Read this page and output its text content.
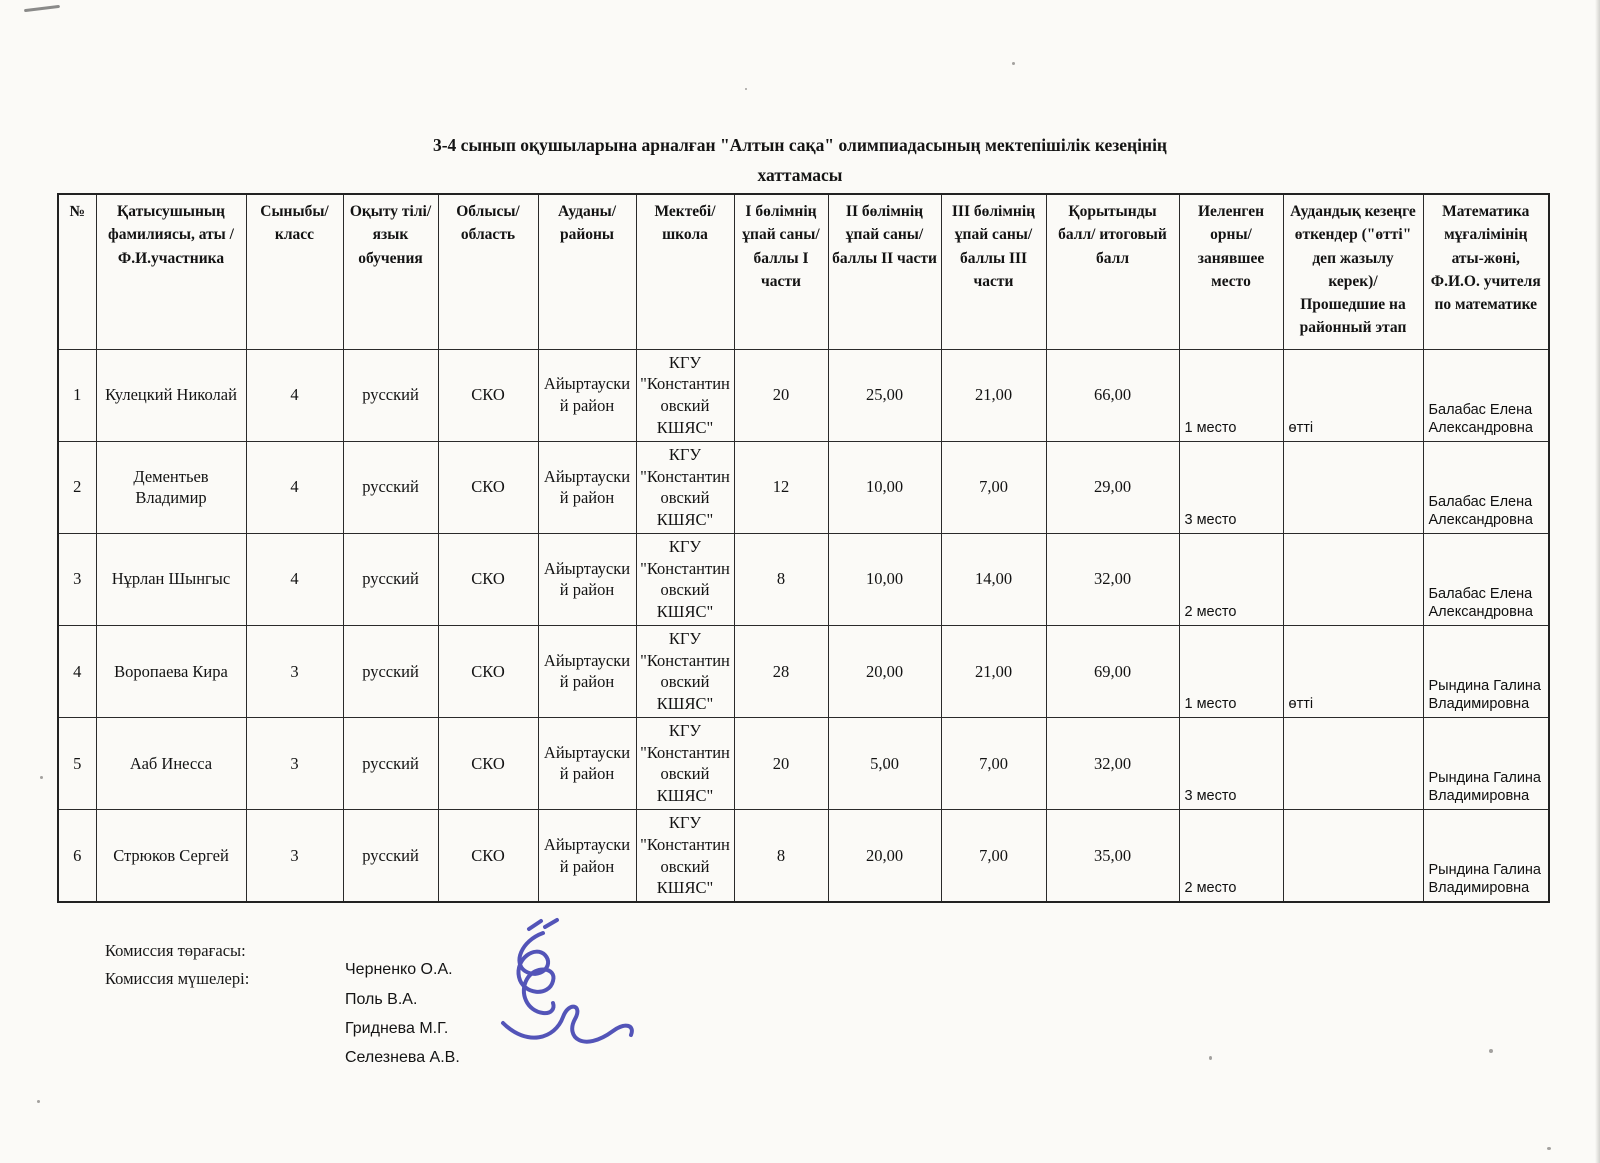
3-4 сынып оқушыларына арналған "Алтын сақа" олимпиадасының мектепішілік кезеңінің
хаттамасы
№	Қатысушының фамилиясы, аты /Ф.И.участника	Сыныбы/класс	Оқыту тілі/ язык обучения	Облысы/ область	Ауданы/ районы	Мектебі/ школа	I бөлімнің ұпай саны/ баллы I части	II бөлімнің ұпай саны/ баллы II части	III бөлімнің ұпай саны/ баллы III части	Қорытынды балл/ итоговый балл	Иеленген орны/ занявшее место	Аудандық кезеңге өткендер ("өтті" деп жазылу керек)/ Прошедшие на районный этап	Математика мұғалімінің аты-жөні, Ф.И.О. учителя по математике
1	Кулецкий Николай	4	русский	СКО	Айыртауский район	КГУ "Константиновский КШЯС"	20	25,00	21,00	66,00	1 место	өтті	Балабас Елена Александровна
2	Дементьев Владимир	4	русский	СКО	Айыртауский район	КГУ "Константиновский КШЯС"	12	10,00	7,00	29,00	3 место		Балабас Елена Александровна
3	Нұрлан Шынгыс	4	русский	СКО	Айыртауский район	КГУ "Константиновский КШЯС"	8	10,00	14,00	32,00	2 место		Балабас Елена Александровна
4	Воропаева Кира	3	русский	СКО	Айыртауский район	КГУ "Константиновский КШЯС"	28	20,00	21,00	69,00	1 место	өтті	Рындина Галина Владимировна
5	Ааб Инесса	3	русский	СКО	Айыртауский район	КГУ "Константиновский КШЯС"	20	5,00	7,00	32,00	3 место		Рындина Галина Владимировна
6	Стрюков Сергей	3	русский	СКО	Айыртауский район	КГУ "Константиновский КШЯС"	8	20,00	7,00	35,00	2 место		Рындина Галина Владимировна
Комиссия төрағасы:
Комиссия мүшелері:	Черненко О.А.
Поль В.А.
Гриднева М.Г.
Селезнева А.В.
